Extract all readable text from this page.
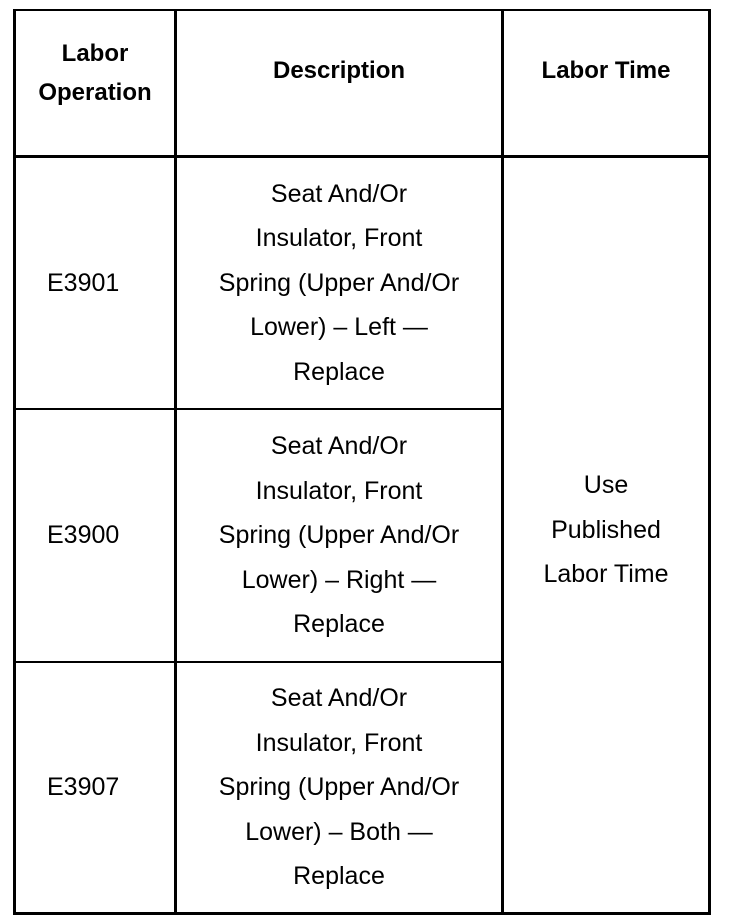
Labor
Operation
Description	Labor Time
E3901
Seat And/Or
Insulator, Front
Spring (Upper And/Or
Lower) – Left —
Replace
E3900
Seat And/Or
Insulator, Front
Spring (Upper And/Or
Lower) – Right —
Replace
E3907
Seat And/Or
Insulator, Front
Spring (Upper And/Or
Lower) – Both —
Replace
Use
Published
Labor Time
